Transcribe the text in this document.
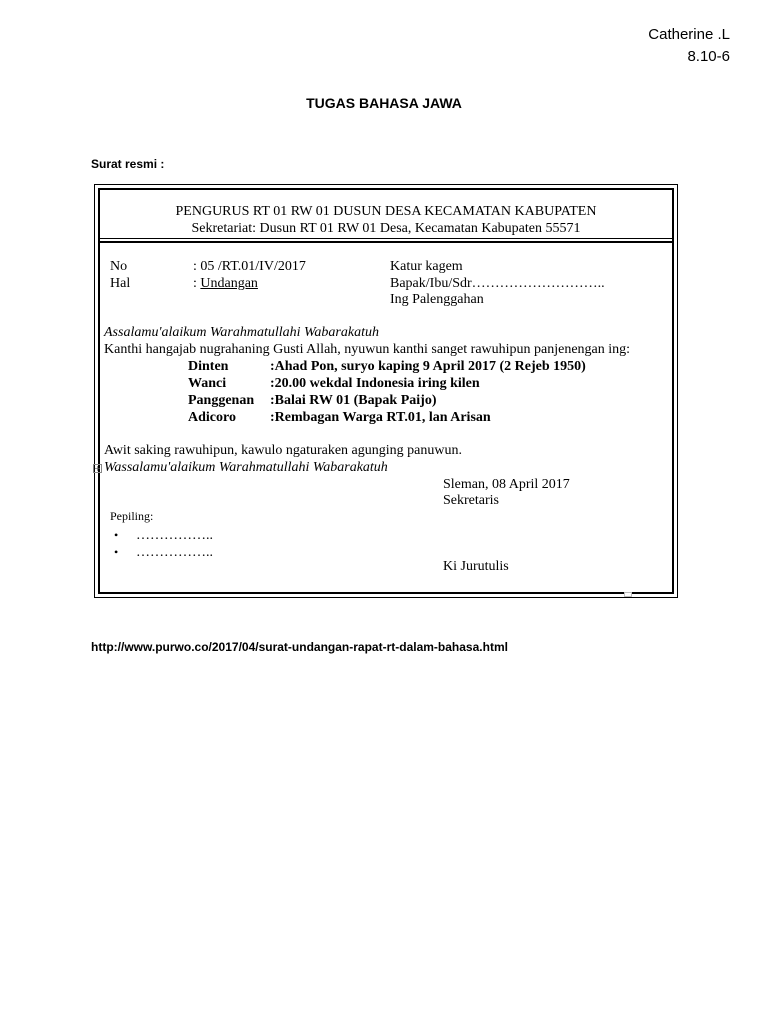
Catherine .L
8.10-6
TUGAS BAHASA JAWA
Surat resmi :
+
PENGURUS RT 01 RW 01 DUSUN DESA KECAMATAN KABUPATEN
Sekretariat: Dusun RT 01 RW 01 Desa, Kecamatan Kabupaten 55571
No	: 05 /RT.01/IV/2017
Hal	: Undangan
Katur kagem
Bapak/Ibu/Sdr………………………..
Ing Palenggahan
Assalamu'alaikum Warahmatullahi Wabarakatuh
Kanthi hangajab nugrahaning Gusti Allah, nyuwun kanthi sanget rawuhipun panjenengan ing:
Dinten	:Ahad Pon, suryo kaping 9 April 2017 (2 Rejeb 1950)
Wanci	:20.00 wekdal Indonesia iring kilen
Panggenan :Balai RW 01 (Bapak Paijo)
Adicoro :Rembagan Warga RT.01, lan Arisan
Awit saking rawuhipun, kawulo ngaturaken agunging panuwun.
Wassalamu'alaikum Warahmatullahi Wabarakatuh
Sleman, 08 April 2017
Sekretaris
Pepiling:
• ……………..
• ……………..
Ki Jurutulis
http://www.purwo.co/2017/04/surat-undangan-rapat-rt-dalam-bahasa.html
